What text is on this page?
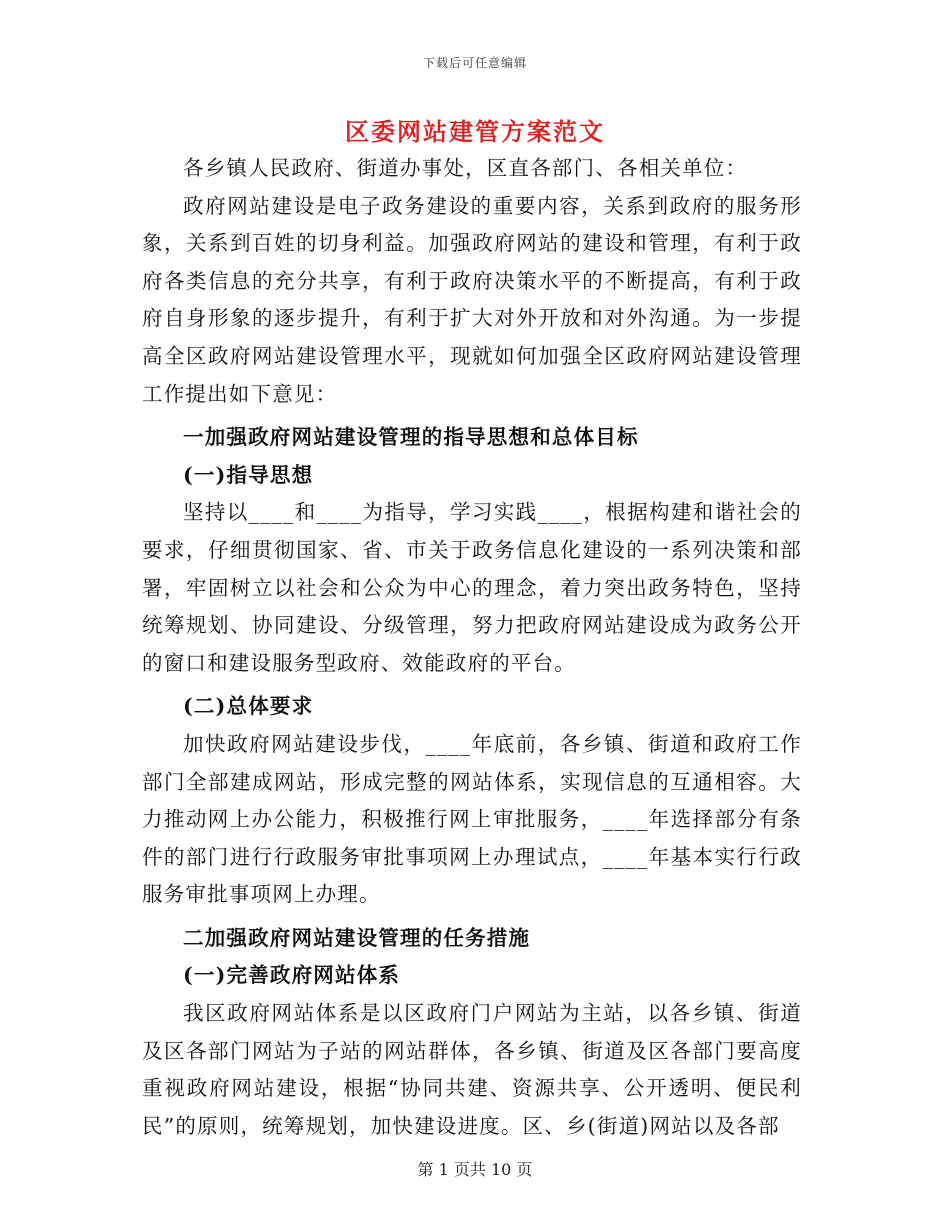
下载后可任意编辑
区委网站建管方案范文

各乡镇人民政府、街道办事处，区直各部门、各相关单位：

政府网站建设是电子政务建设的重要内容，关系到政府的服务形象，关系到百姓的切身利益。加强政府网站的建设和管理，有利于政府各类信息的充分共享，有利于政府决策水平的不断提高，有利于政府自身形象的逐步提升，有利于扩大对外开放和对外沟通。为一步提高全区政府网站建设管理水平，现就如何加强全区政府网站建设管理工作提出如下意见：

一加强政府网站建设管理的指导思想和总体目标

(一)指导思想

坚持以____和____为指导，学习实践____，根据构建和谐社会的要求，仔细贯彻国家、省、市关于政务信息化建设的一系列决策和部署，牢固树立以社会和公众为中心的理念，着力突出政务特色，坚持统筹规划、协同建设、分级管理，努力把政府网站建设成为政务公开的窗口和建设服务型政府、效能政府的平台。

(二)总体要求

加快政府网站建设步伐，____年底前，各乡镇、街道和政府工作部门全部建成网站，形成完整的网站体系，实现信息的互通相容。大力推动网上办公能力，积极推行网上审批服务，____年选择部分有条件的部门进行行政服务审批事项网上办理试点，____年基本实行行政服务审批事项网上办理。

二加强政府网站建设管理的任务措施

(一)完善政府网站体系

我区政府网站体系是以区政府门户网站为主站，以各乡镇、街道及区各部门网站为子站的网站群体，各乡镇、街道及区各部门要高度重视政府网站建设，根据“协同共建、资源共享、公开透明、便民利民”的原则，统筹规划，加快建设进度。区、乡(街道)网站以及各部

第 1 页共 10 页
